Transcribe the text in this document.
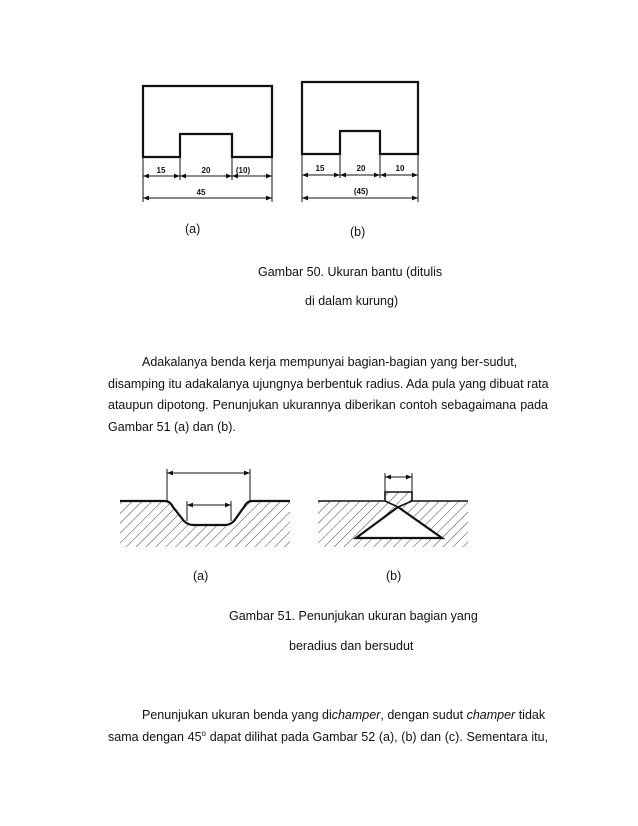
15	20	(10)
45
15	20	10
(45)
(a)	(b)
Gambar 50. Ukuran bantu (ditulis
di dalam kurung)
Adakalanya benda kerja mempunyai bagian-bagian yang ber-sudut,
disamping itu adakalanya ujungnya berbentuk radius. Ada pula yang dibuat rata
ataupun dipotong. Penunjukan ukurannya diberikan contoh sebagaimana pada
Gambar 51 (a) dan (b).
(a)	(b)
Gambar 51. Penunjukan ukuran bagian yang
beradius dan bersudut
Penunjukan ukuran benda yang dichamper, dengan sudut champer tidak
sama dengan 45$^o$ dapat dilihat pada Gambar 52 (a), (b) dan (c). Sementara itu,
